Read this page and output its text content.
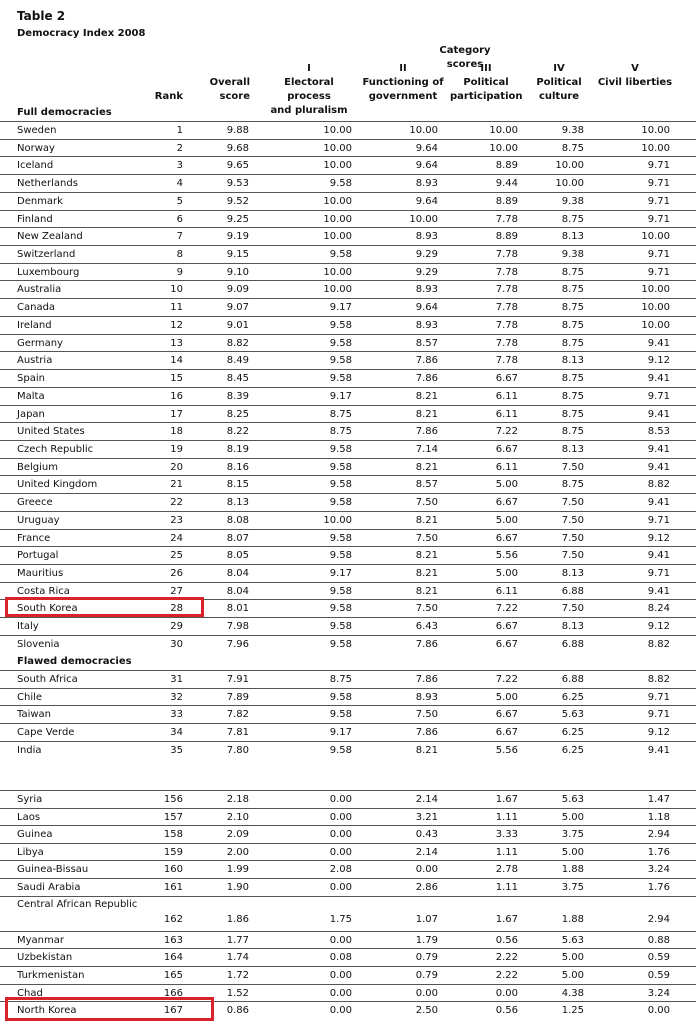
Table 2
Democracy Index 2008
Category scores
Rank
Overall
score
I
Electoral process
and pluralism
II
Functioning of
government
III
Political
participation
IV
Political
culture
V
Civil liberties
Full democracies
Sweden	1	9.88	10.00	10.00	10.00	9.38	10.00
Norway	2	9.68	10.00	9.64	10.00	8.75	10.00
Iceland	3	9.65	10.00	9.64	8.89	10.00	9.71
Netherlands	4	9.53	9.58	8.93	9.44	10.00	9.71
Denmark	5	9.52	10.00	9.64	8.89	9.38	9.71
Finland	6	9.25	10.00	10.00	7.78	8.75	9.71
New Zealand	7	9.19	10.00	8.93	8.89	8.13	10.00
Switzerland	8	9.15	9.58	9.29	7.78	9.38	9.71
Luxembourg	9	9.10	10.00	9.29	7.78	8.75	9.71
Australia	10	9.09	10.00	8.93	7.78	8.75	10.00
Canada	11	9.07	9.17	9.64	7.78	8.75	10.00
Ireland	12	9.01	9.58	8.93	7.78	8.75	10.00
Germany	13	8.82	9.58	8.57	7.78	8.75	9.41
Austria	14	8.49	9.58	7.86	7.78	8.13	9.12
Spain	15	8.45	9.58	7.86	6.67	8.75	9.41
Malta	16	8.39	9.17	8.21	6.11	8.75	9.71
Japan	17	8.25	8.75	8.21	6.11	8.75	9.41
United States	18	8.22	8.75	7.86	7.22	8.75	8.53
Czech Republic	19	8.19	9.58	7.14	6.67	8.13	9.41
Belgium	20	8.16	9.58	8.21	6.11	7.50	9.41
United Kingdom	21	8.15	9.58	8.57	5.00	8.75	8.82
Greece	22	8.13	9.58	7.50	6.67	7.50	9.41
Uruguay	23	8.08	10.00	8.21	5.00	7.50	9.71
France	24	8.07	9.58	7.50	6.67	7.50	9.12
Portugal	25	8.05	9.58	8.21	5.56	7.50	9.41
Mauritius	26	8.04	9.17	8.21	5.00	8.13	9.71
Costa Rica	27	8.04	9.58	8.21	6.11	6.88	9.41
South Korea	28	8.01	9.58	7.50	7.22	7.50	8.24
Italy	29	7.98	9.58	6.43	6.67	8.13	9.12
Slovenia	30	7.96	9.58	7.86	6.67	6.88	8.82
Flawed democracies
South Africa	31	7.91	8.75	7.86	7.22	6.88	8.82
Chile	32	7.89	9.58	8.93	5.00	6.25	9.71
Taiwan	33	7.82	9.58	7.50	6.67	5.63	9.71
Cape Verde	34	7.81	9.17	7.86	6.67	6.25	9.12
India	35	7.80	9.58	8.21	5.56	6.25	9.41
Syria	156	2.18	0.00	2.14	1.67	5.63	1.47
Laos	157	2.10	0.00	3.21	1.11	5.00	1.18
Guinea	158	2.09	0.00	0.43	3.33	3.75	2.94
Libya	159	2.00	0.00	2.14	1.11	5.00	1.76
Guinea-Bissau	160	1.99	2.08	0.00	2.78	1.88	3.24
Saudi Arabia	161	1.90	0.00	2.86	1.11	3.75	1.76
Central African Republic
162	1.86	1.75	1.07	1.67	1.88	2.94
Myanmar	163	1.77	0.00	1.79	0.56	5.63	0.88
Uzbekistan	164	1.74	0.08	0.79	2.22	5.00	0.59
Turkmenistan	165	1.72	0.00	0.79	2.22	5.00	0.59
Chad	166	1.52	0.00	0.00	0.00	4.38	3.24
North Korea	167	0.86	0.00	2.50	0.56	1.25	0.00
